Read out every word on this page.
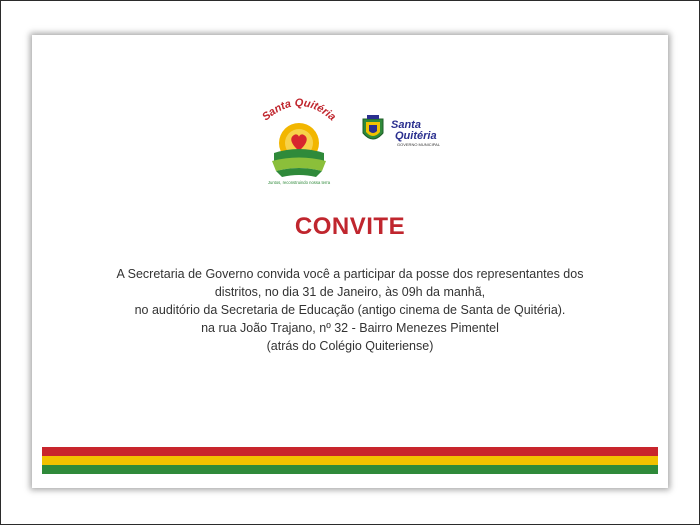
Santa Quitéria
Juntos, reconstruindo nossa terra
Santa
Quitéria
GOVERNO MUNICIPAL
CONVITE
A Secretaria de Governo convida você a participar da posse dos representantes dos
distritos, no dia 31 de Janeiro, às 09h da manhã,
no auditório da Secretaria de Educação (antigo cinema de Santa de Quitéria).
na rua João Trajano, nº 32 - Bairro Menezes Pimentel
(atrás do Colégio Quiteriense)
